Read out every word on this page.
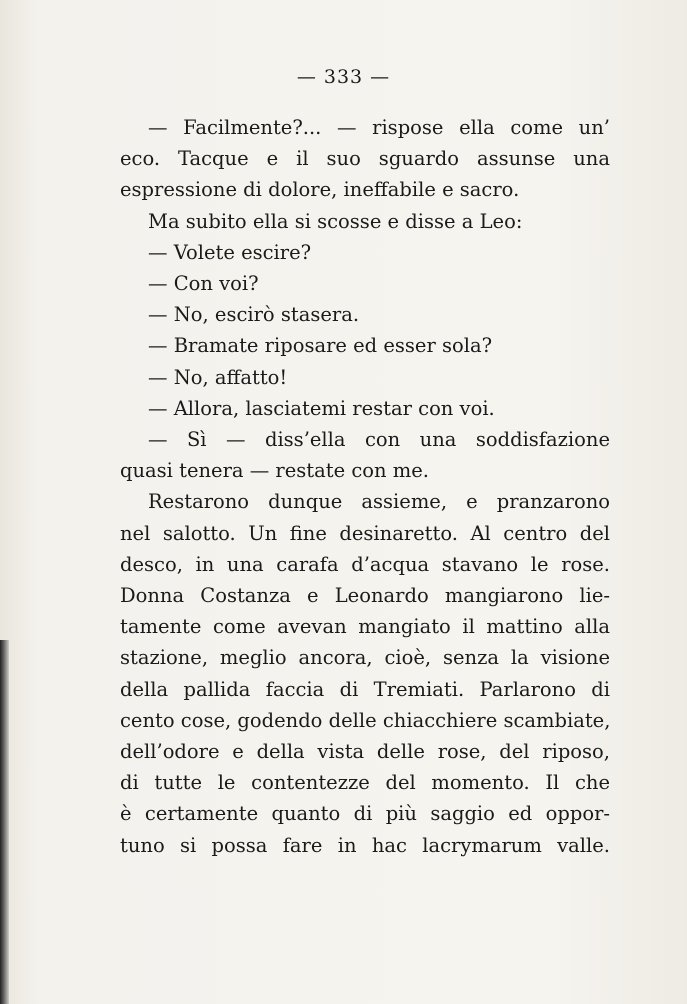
— 333 —
— Facilmente?... — rispose ella come un’
eco. Tacque e il suo sguardo assunse una
espressione di dolore, ineffabile e sacro.
Ma subito ella si scosse e disse a Leo:
— Volete escire?
— Con voi?
— No, escirò stasera.
— Bramate riposare ed esser sola?
— No, affatto!
— Allora, lasciatemi restar con voi.
— Sì — diss’ella con una soddisfazione
quasi tenera — restate con me.
Restarono dunque assieme, e pranzarono
nel salotto. Un fine desinaretto. Al centro del
desco, in una carafa d’acqua stavano le rose.
Donna Costanza e Leonardo mangiarono lie-
tamente come avevan mangiato il mattino alla
stazione, meglio ancora, cioè, senza la visione
della pallida faccia di Tremiati. Parlarono di
cento cose, godendo delle chiacchiere scambiate,
dell’odore e della vista delle rose, del riposo,
di tutte le contentezze del momento. Il che
è certamente quanto di più saggio ed oppor-
tuno si possa fare in hac lacrymarum valle.
